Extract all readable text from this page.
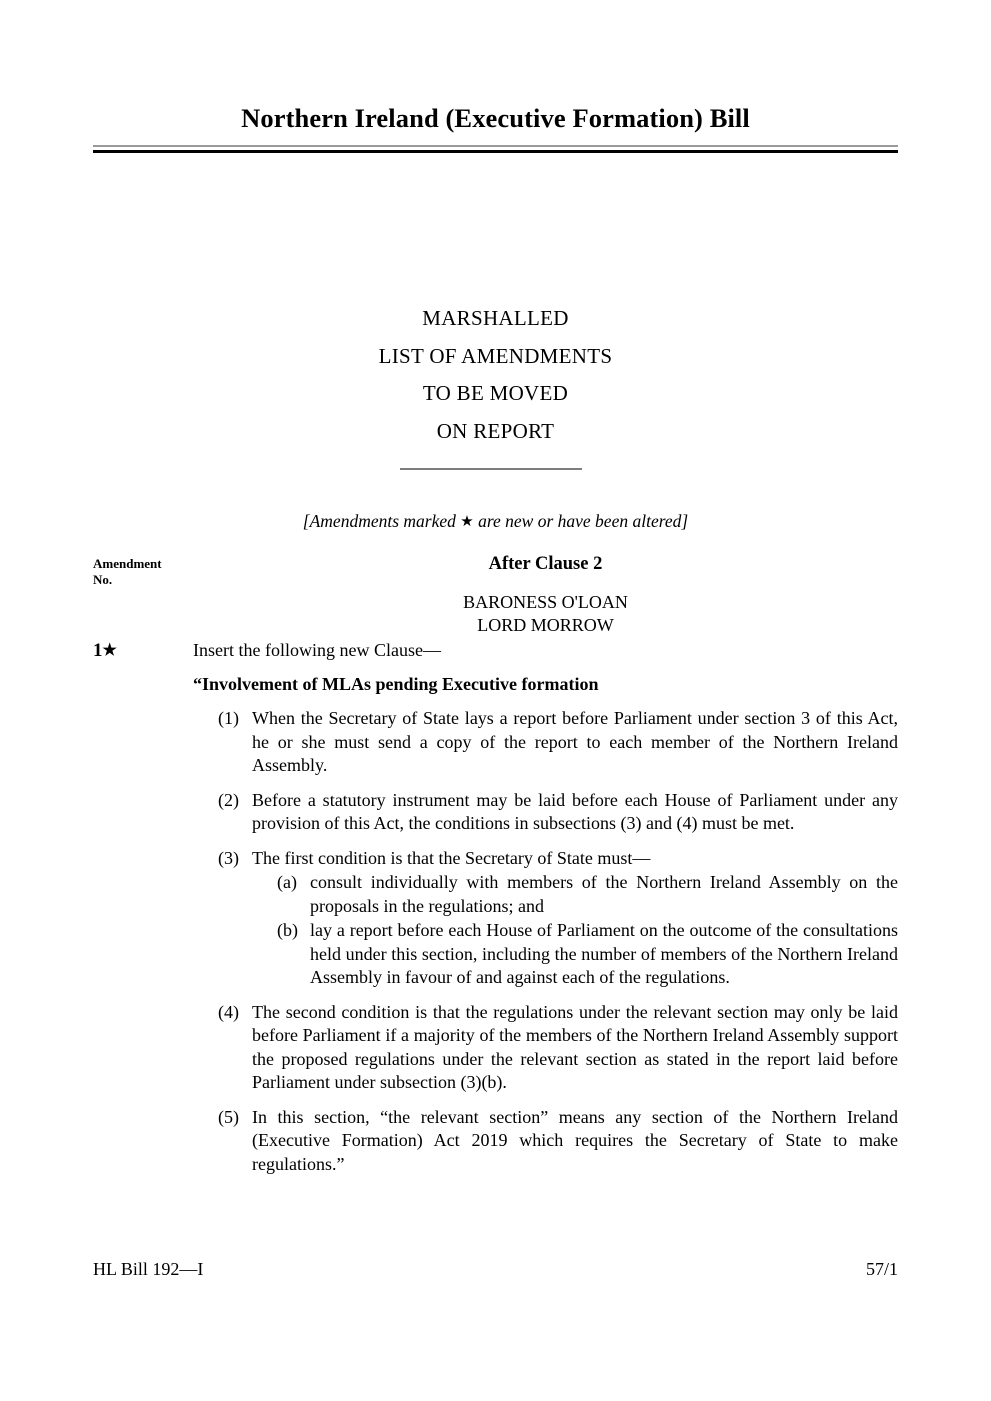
Northern Ireland (Executive Formation) Bill
MARSHALLED
LIST OF AMENDMENTS
TO BE MOVED
ON REPORT
[Amendments marked ★ are new or have been altered]
Amendment
No.
After Clause 2
BARONESS O'LOAN
LORD MORROW
1★	Insert the following new Clause—
“Involvement of MLAs pending Executive formation
(1) When the Secretary of State lays a report before Parliament under section 3 of this Act, he or she must send a copy of the report to each member of the Northern Ireland Assembly.
(2) Before a statutory instrument may be laid before each House of Parliament under any provision of this Act, the conditions in subsections (3) and (4) must be met.
(3) The first condition is that the Secretary of State must—
(a) consult individually with members of the Northern Ireland Assembly on the proposals in the regulations; and
(b) lay a report before each House of Parliament on the outcome of the consultations held under this section, including the number of members of the Northern Ireland Assembly in favour of and against each of the regulations.
(4) The second condition is that the regulations under the relevant section may only be laid before Parliament if a majority of the members of the Northern Ireland Assembly support the proposed regulations under the relevant section as stated in the report laid before Parliament under subsection (3)(b).
(5) In this section, “the relevant section” means any section of the Northern Ireland (Executive Formation) Act 2019 which requires the Secretary of State to make regulations.”
HL Bill 192—I	57/1
